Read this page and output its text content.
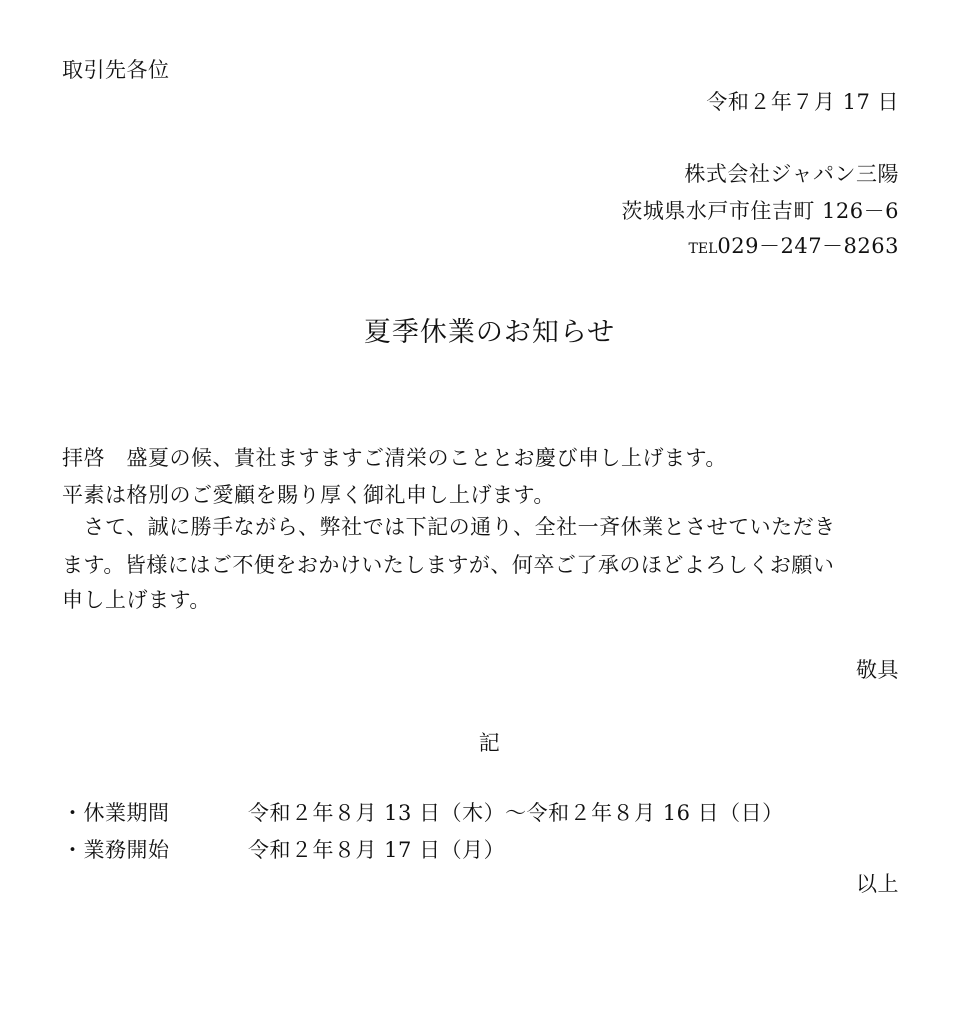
取引先各位
令和２年７月 17 日
株式会社ジャパン三陽
茨城県水戸市住吉町 126－6
TEL029－247－8263
夏季休業のお知らせ
拝啓　盛夏の候、貴社ますますご清栄のこととお慶び申し上げます。
平素は格別のご愛顧を賜り厚く御礼申し上げます。
　さて、誠に勝手ながら、弊社では下記の通り、全社一斉休業とさせていただき
ます。皆様にはご不便をおかけいたしますが、何卒ご了承のほどよろしくお願い
申し上げます。
敬具
記
・休業期間	令和２年８月 13 日（木）～令和２年８月 16 日（日）
・業務開始	令和２年８月 17 日（月）
以上
